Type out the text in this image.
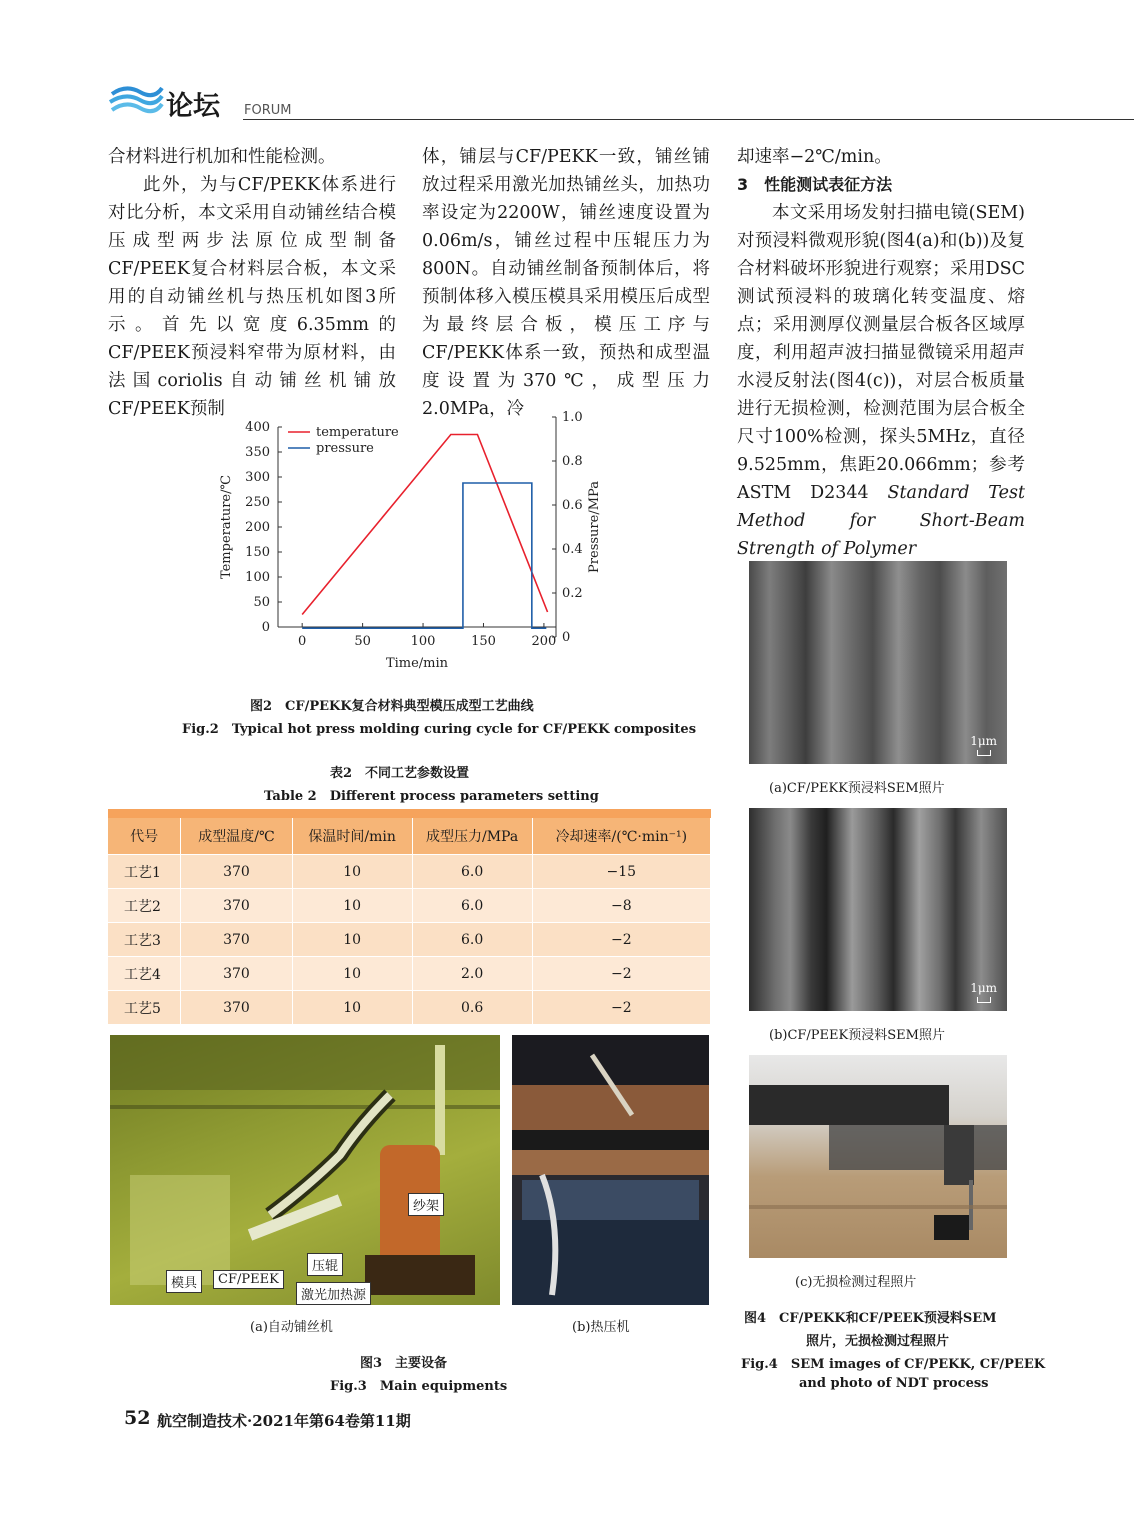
论坛 FORUM

合材料进行机加和性能检测。

此外，为与CF/PEKK体系进行对比分析，本文采用自动铺丝结合模压成型两步法原位成型制备CF/PEEK复合材料层合板，本文采用的自动铺丝机与热压机如图3所示。首先以宽度6.35mm的CF/PEEK预浸料窄带为原材料，由法国coriolis自动铺丝机铺放CF/PEEK预制

体，铺层与CF/PEKK一致，铺丝铺放过程采用激光加热铺丝头，加热功率设定为2200W，铺丝速度设置为0.06m/s，铺丝过程中压辊压力为800N。自动铺丝制备预制体后，将预制体移入模压模具采用模压后成型为最终层合板，模压工序与CF/PEKK体系一致，预热和成型温度设置为370℃，成型压力2.0MPa，冷

却速率−2℃/min。

3　性能测试表征方法

本文采用场发射扫描电镜(SEM)对预浸料微观形貌(图4(a)和(b))及复合材料破坏形貌进行观察；采用DSC测试预浸料的玻璃化转变温度、熔点；采用测厚仪测量层合板各区域厚度，利用超声波扫描显微镜采用超声水浸反射法(图4(c))，对层合板质量进行无损检测，检测范围为层合板全尺寸100%检测，探头5MHz，直径9.525mm，焦距20.066mm；参考ASTM D2344 Standard Test Method for Short-Beam Strength of Polymer

0
50
100
150
200
250
300
350
400
0	50	100	150	200 0
0.2
0.4
0.6
0.8
1.0
Time/min
Temperature/℃	Pressure/MPa
temperature
pressure
图2　CF/PEKK复合材料典型模压成型工艺曲线
Fig.2　Typical hot press molding curing cycle for CF/PEKK composites
表2　不同工艺参数设置
Table 2　Different process parameters setting
代号	成型温度/℃	保温时间/min	成型压力/MPa	冷却速率/(℃·min⁻¹)
工艺1	370	10	6.0	−15
工艺2	370	10	6.0	−8
工艺3	370	10	6.0	−2
工艺4	370	10	2.0	−2
工艺5	370	10	0.6	−2
纱架
压辊
模具	CF/PEEK
激光加热源
(a)自动铺丝机	(b)热压机
图3　主要设备
Fig.3　Main equipments
1μm
(a)CF/PEKK预浸料SEM照片
1μm
(b)CF/PEEK预浸料SEM照片
(c)无损检测过程照片
图4　CF/PEKK和CF/PEEK预浸料SEM
照片，无损检测过程照片
Fig.4　SEM images of CF/PEKK, CF/PEEK
and photo of NDT process
52 航空制造技术·2021年第64卷第11期
